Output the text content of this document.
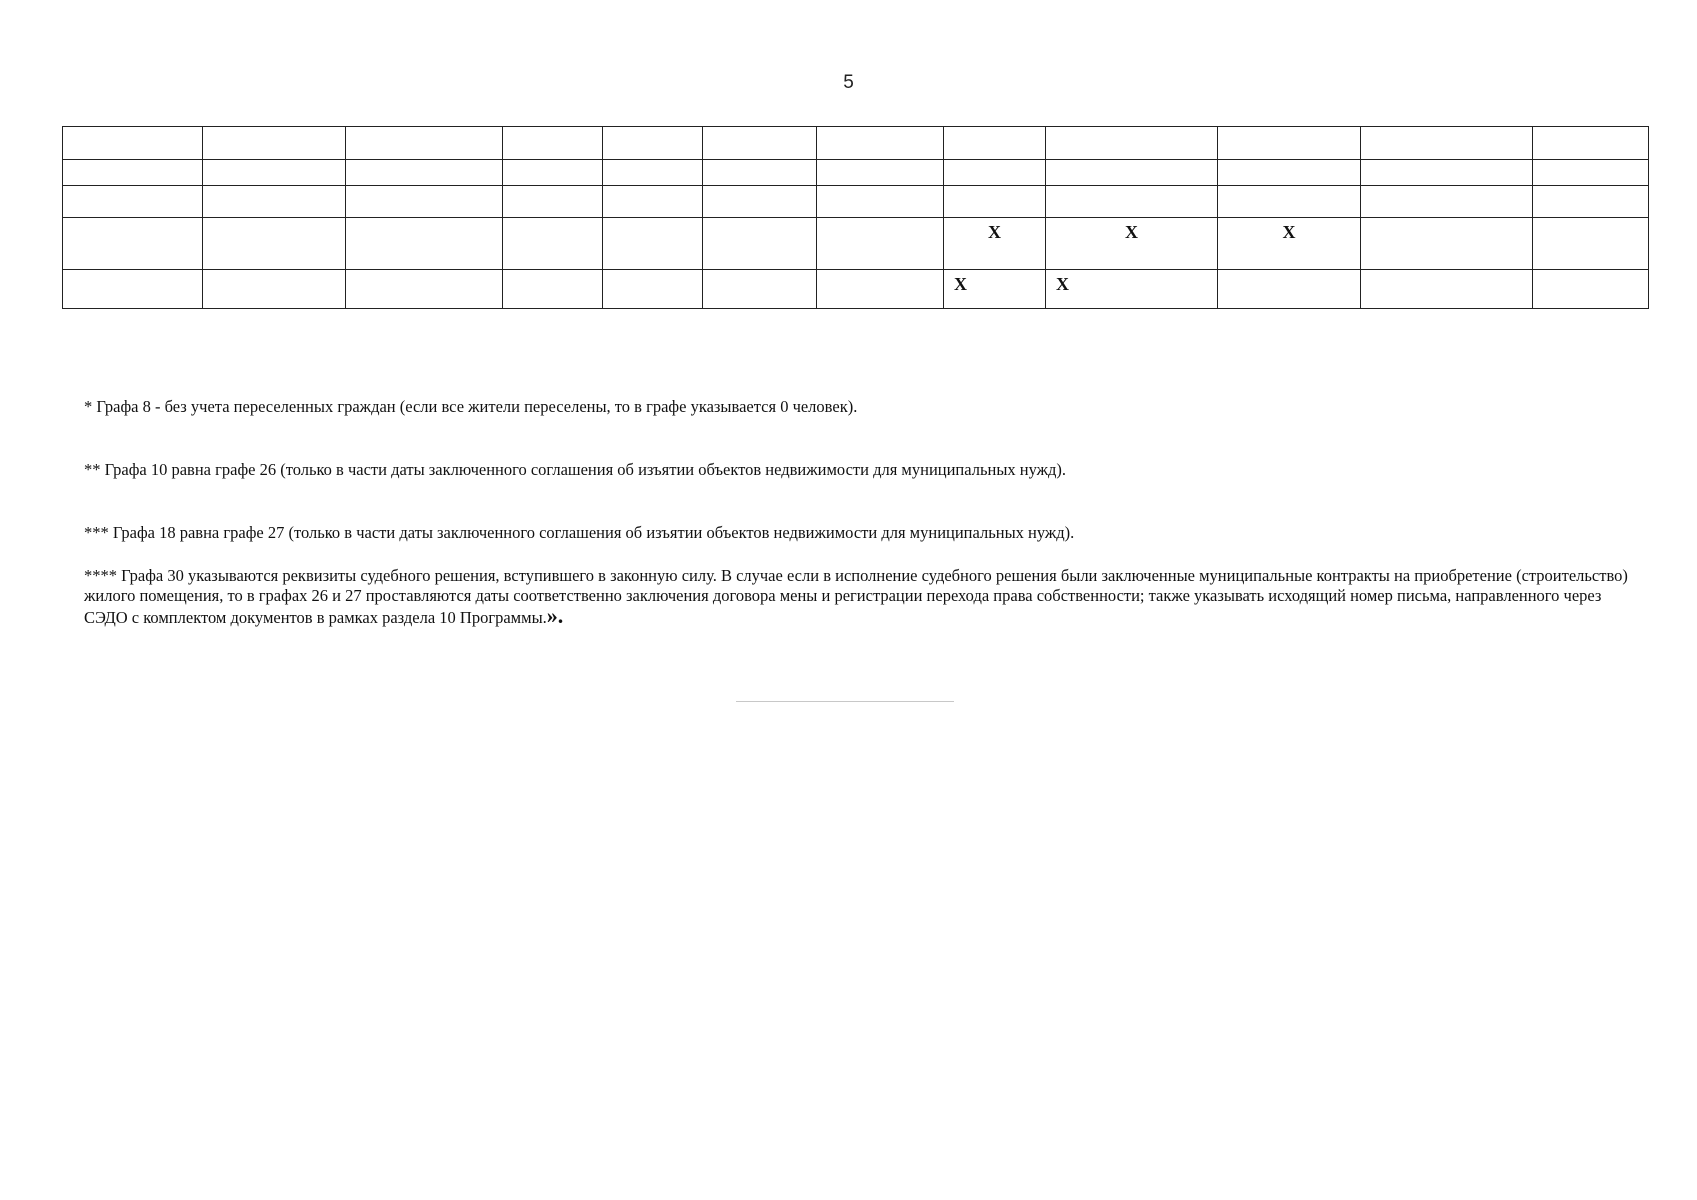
5

							X	X	X		

							X	X			

* Графа 8 - без учета переселенных граждан (если все жители переселены, то в графе указывается 0 человек).

** Графа 10 равна графе 26 (только в части даты заключенного соглашения об изъятии объектов недвижимости для муниципальных нужд).

*** Графа 18 равна графе 27 (только в части даты заключенного соглашения об изъятии объектов недвижимости для муниципальных нужд).

**** Графа 30 указываются реквизиты судебного решения, вступившего в законную силу. В случае если в исполнение судебного решения были заключенные муниципальные контракты на приобретение (строительство) жилого помещения, то в графах 26 и 27 проставляются даты соответственно заключения договора мены и регистрации перехода права собственности; также указывать исходящий номер письма, направленного через СЭДО с комплектом документов в рамках раздела 10 Программы.».
